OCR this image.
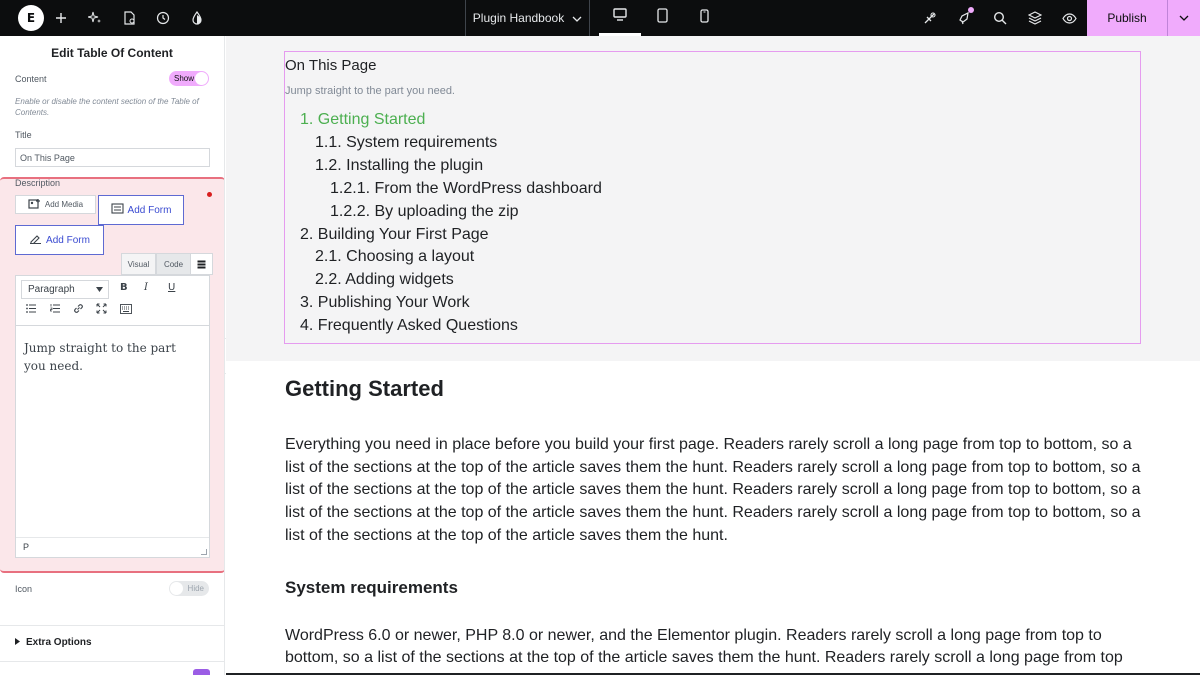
E	Plugin Handbook	Publish
Edit Table Of Content
Content	Show
Enable or disable the content section of the Table of Contents.
Title
On This Page
Description
Add Media	Add Form
Add Form
Visual	Code
Paragraph	B I U
Jump straight to the part you need.
P
Icon	Hide
Extra Options
On This Page
Jump straight to the part you need.
1. Getting Started
1.1. System requirements
1.2. Installing the plugin
1.2.1. From the WordPress dashboard
1.2.2. By uploading the zip
2. Building Your First Page
2.1. Choosing a layout
2.2. Adding widgets
3. Publishing Your Work
4. Frequently Asked Questions
Getting Started
Everything you need in place before you build your first page. Readers rarely scroll a long page from top to bottom, so a list of the sections at the top of the article saves them the hunt. Readers rarely scroll a long page from top to bottom, so a list of the sections at the top of the article saves them the hunt. Readers rarely scroll a long page from top to bottom, so a list of the sections at the top of the article saves them the hunt. Readers rarely scroll a long page from top to bottom, so a list of the sections at the top of the article saves them the hunt.
System requirements
WordPress 6.0 or newer, PHP 8.0 or newer, and the Elementor plugin. Readers rarely scroll a long page from top to bottom, so a list of the sections at the top of the article saves them the hunt. Readers rarely scroll a long page from top
